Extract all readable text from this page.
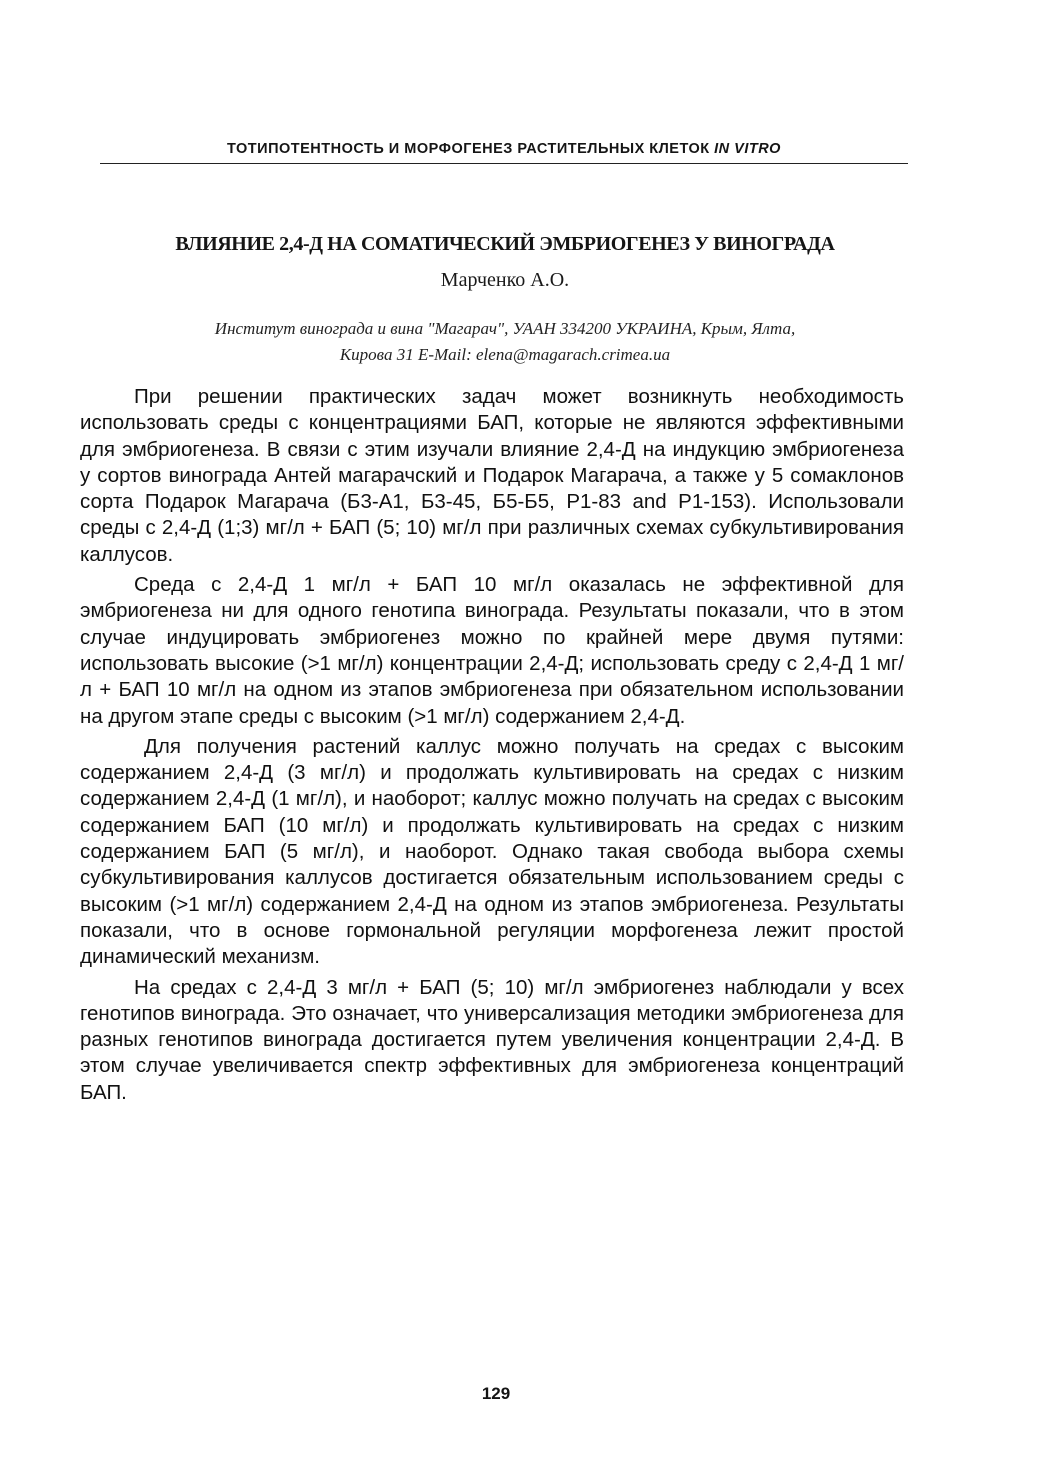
ТОТИПОТЕНТНОСТЬ И МОРФОГЕНЕЗ РАСТИТЕЛЬНЫХ КЛЕТОК IN VITRO
ВЛИЯНИЕ 2,4-Д НА СОМАТИЧЕСКИЙ ЭМБРИОГЕНЕЗ У ВИНОГРАДА
Марченко А.О.
Институт винограда и вина "Магарач", УААН 334200 УКРАИНА, Крым, Ялта,
Кирова 31 E-Mail: elena@magarach.crimea.ua

При решении практических задач может возникнуть необходимость использовать среды с концентрациями БАП, которые не являются эффективными для эмбриогенеза. В связи с этим изучали влияние 2,4-Д на индукцию эмбриогенеза у сортов винограда Антей магарачский и Подарок Магарача, а также у 5 сомаклонов сорта Подарок Магарача (Б3-А1, Б3-45, Б5-Б5, Р1-83 and Р1-153). Использовали среды с 2,4-Д (1;3) мг/л + БАП (5; 10) мг/л при различных схемах субкультивирования каллусов.

Среда с 2,4-Д 1 мг/л + БАП 10 мг/л оказалась не эффективной для эмбриогенеза ни для одного генотипа винограда. Результаты показали, что в этом случае индуцировать эмбриогенез можно по крайней мере двумя путями: использовать высокие (>1 мг/л) концентрации 2,4-Д; использовать среду с 2,4-Д 1 мг/л + БАП 10 мг/л на одном из этапов эмбриогенеза при обязательном использовании на другом этапе среды с высоким (>1 мг/л) содержанием 2,4-Д.

Для получения растений каллус можно получать на средах с высоким содержанием 2,4-Д (3 мг/л) и продолжать культивировать на средах с низким содержанием 2,4-Д (1 мг/л), и наоборот; каллус можно получать на средах с высоким содержанием БАП (10 мг/л) и продолжать культивировать на средах с низким содержанием БАП (5 мг/л), и наоборот. Однако такая свобода выбора схемы субкультивирования каллусов достигается обязательным использованием среды с высоким (>1 мг/л) содержанием 2,4-Д на одном из этапов эмбриогенеза. Результаты показали, что в основе гормональной регуляции морфогенеза лежит простой динамический механизм.

На средах с 2,4-Д 3 мг/л + БАП (5; 10) мг/л эмбриогенез наблюдали у всех генотипов винограда. Это означает, что универсализация методики эмбриогенеза для разных генотипов винограда достигается путем увеличения концентрации 2,4-Д. В этом случае увеличивается спектр эффективных для эмбриогенеза концентраций БАП.

129
